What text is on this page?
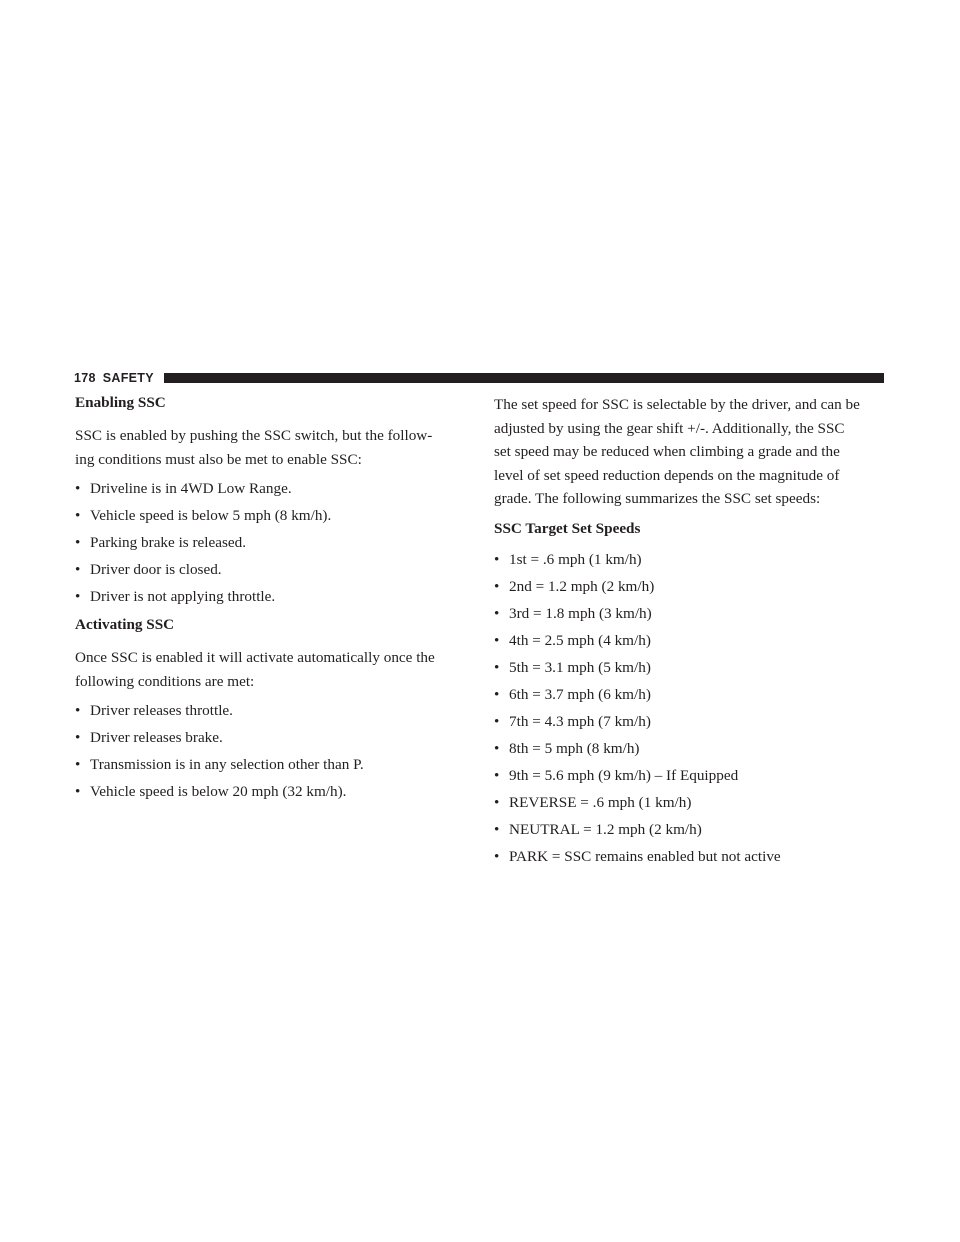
178 SAFETY
Enabling SSC
SSC is enabled by pushing the SSC switch, but the follow-
ing conditions must also be met to enable SSC:
• Driveline is in 4WD Low Range.
• Vehicle speed is below 5 mph (8 km/h).
• Parking brake is released.
• Driver door is closed.
• Driver is not applying throttle.
Activating SSC
Once SSC is enabled it will activate automatically once the
following conditions are met:
• Driver releases throttle.
• Driver releases brake.
• Transmission is in any selection other than P.
• Vehicle speed is below 20 mph (32 km/h).
The set speed for SSC is selectable by the driver, and can be
adjusted by using the gear shift +/-. Additionally, the SSC
set speed may be reduced when climbing a grade and the
level of set speed reduction depends on the magnitude of
grade. The following summarizes the SSC set speeds:
SSC Target Set Speeds
• 1st = .6 mph (1 km/h)
• 2nd = 1.2 mph (2 km/h)
• 3rd = 1.8 mph (3 km/h)
• 4th = 2.5 mph (4 km/h)
• 5th = 3.1 mph (5 km/h)
• 6th = 3.7 mph (6 km/h)
• 7th = 4.3 mph (7 km/h)
• 8th = 5 mph (8 km/h)
• 9th = 5.6 mph (9 km/h) – If Equipped
• REVERSE = .6 mph (1 km/h)
• NEUTRAL = 1.2 mph (2 km/h)
• PARK = SSC remains enabled but not active
